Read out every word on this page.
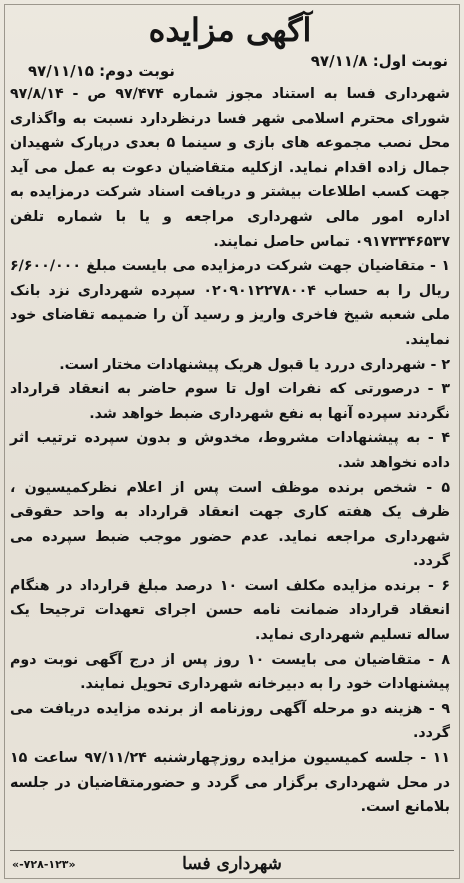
آگهی مزایده
نوبت اول: ۹۷/۱۱/۸
نوبت دوم: ۹۷/۱۱/۱۵

شهرداری فسا به استناد مجوز شماره ۹۷/۴۷۴ ص - ۹۷/۸/۱۴ شورای محترم اسلامی شهر فسا درنظردارد نسبت به واگذاری محل نصب مجموعه های بازی و سینما ۵ بعدی درپارک شهیدان جمال زاده اقدام نماید. ازکلیه متقاضیان دعوت به عمل می آید جهت کسب اطلاعات بیشتر و دریافت اسناد شرکت درمزایده به اداره امور مالی شهرداری مراجعه و یا با شماره تلفن ۰۹۱۷۳۳۴۶۵۳۷ تماس حاصل نمایند.

۱ - متقاضیان جهت شرکت درمزایده می بایست مبلغ ۶/۶۰۰/۰۰۰ ریال را به حساب ۰۲۰۹۰۱۲۲۷۸۰۰۴ سپرده شهرداری نزد بانک ملی شعبه شیخ فاخری واریز و رسید آن را ضمیمه تقاضای خود نمایند.

۲ - شهرداری دررد یا قبول هریک پیشنهادات مختار است.

۳ - درصورتی که نفرات اول تا سوم حاضر به انعقاد قرارداد نگردند سپرده آنها به نفع شهرداری ضبط خواهد شد.

۴ - به پیشنهادات مشروط، مخدوش و بدون سپرده ترتیب اثر داده نخواهد شد.

۵ - شخص برنده موظف است پس از اعلام نظرکمیسیون ، ظرف یک هفته کاری جهت انعقاد قرارداد به واحد حقوقی شهرداری مراجعه نماید. عدم حضور موجب ضبط سپرده می گردد.

۶ - برنده مزایده مکلف است ۱۰ درصد مبلغ قرارداد در هنگام انعقاد قرارداد ضمانت نامه حسن اجرای تعهدات ترجیحا یک ساله تسلیم شهرداری نماید.

۸ - متقاضیان می بایست ۱۰ روز پس از درج آگهی نوبت دوم پیشنهادات خود را به دبیرخانه شهرداری تحویل نمایند.

۹ - هزینه دو مرحله آگهی روزنامه از برنده مزایده دریافت می گردد.

۱۱ - جلسه کمیسیون مزایده روزچهارشنبه ۹۷/۱۱/۲۴ ساعت ۱۵ در محل شهرداری برگزار می گردد و حضورمتقاضیان در جلسه بلامانع است.

شهرداری فسا
«۷۲۸-۱۲۳-»
